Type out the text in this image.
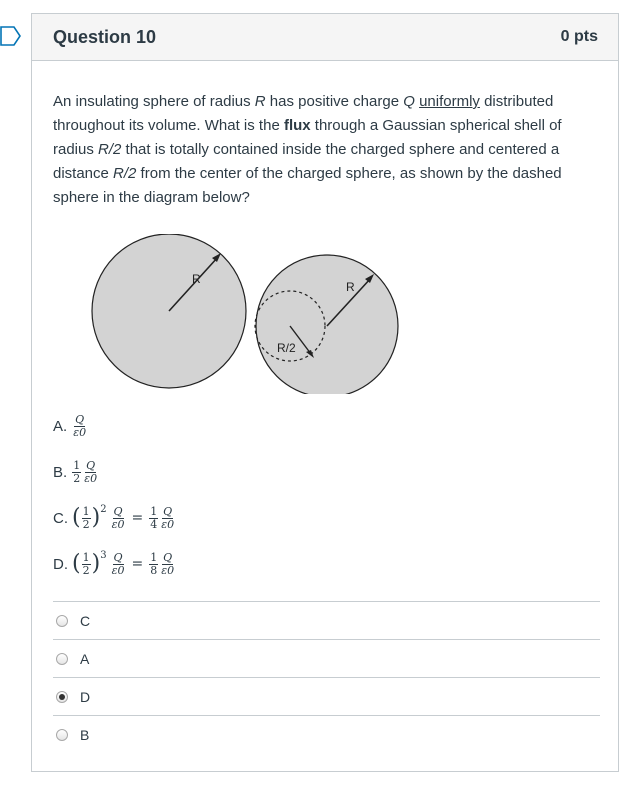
Question 10	0 pts
An insulating sphere of radius R has positive charge Q uniformly distributed throughout its volume. What is the flux through a Gaussian spherical shell of radius R/2 that is totally contained inside the charged sphere and centered a distance R/2 from the center of the charged sphere, as shown by the dashed sphere in the diagram below?
R
R
R/2
A. $\frac{Q}{\varepsilon 0}$
B. $\frac{1}{2} \frac{Q}{\varepsilon 0}$
C. ( $\frac{1}{2}$ ) $2 \frac{Q}{\varepsilon 0} = \frac{1}{4} \frac{Q}{\varepsilon 0}$
D. ( $\frac{1}{2}$ ) $3 \frac{Q}{\varepsilon 0} = \frac{1}{8} \frac{Q}{\varepsilon 0}$
C
A
D
B
